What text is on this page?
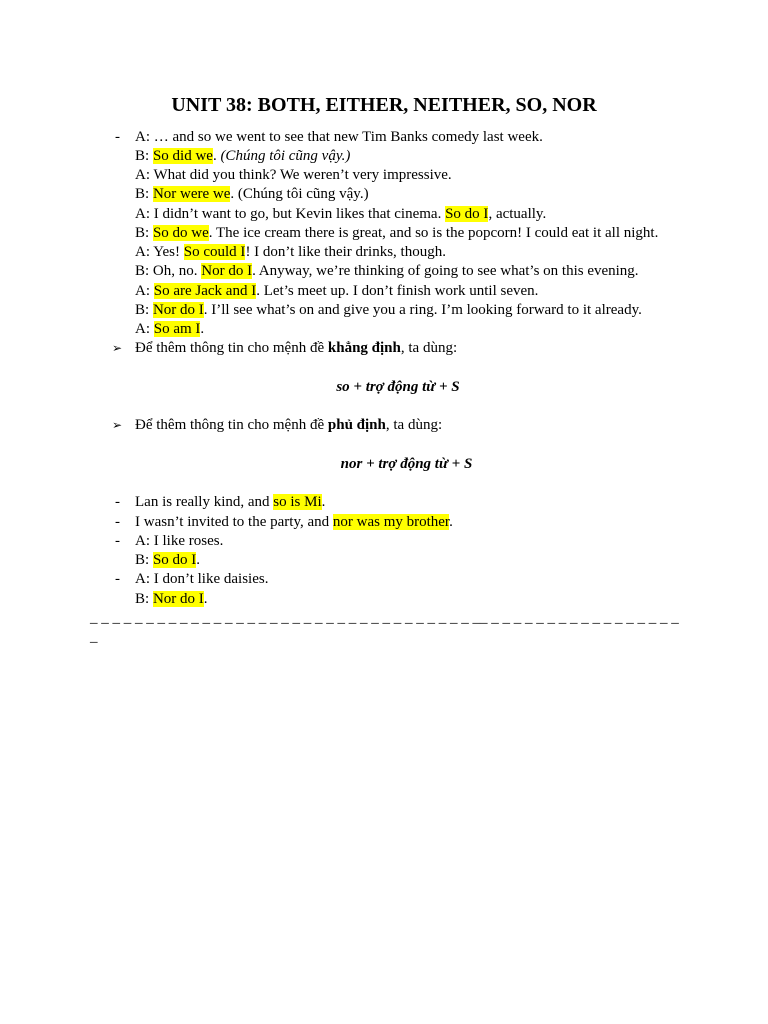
UNIT 38: BOTH, EITHER, NEITHER, SO, NOR
- A: … and so we went to see that new Tim Banks comedy last week.
B: So did we. (Chúng tôi cũng vậy.)
A: What did you think? We weren’t very impressive.
B: Nor were we. (Chúng tôi cũng vậy.)
A: I didn’t want to go, but Kevin likes that cinema. So do I, actually.
B: So do we. The ice cream there is great, and so is the popcorn! I could eat it all night.
A: Yes! So could I! I don’t like their drinks, though.
B: Oh, no. Nor do I. Anyway, we’re thinking of going to see what’s on this evening.
A: So are Jack and I. Let’s meet up. I don’t finish work until seven.
B: Nor do I. I’ll see what’s on and give you a ring. I’m looking forward to it already.
A: So am I.
➢ Để thêm thông tin cho mệnh đề khẳng định, ta dùng:
so + trợ động từ + S
➢ Để thêm thông tin cho mệnh đề phủ định, ta dùng:
nor + trợ động từ + S
- Lan is really kind, and so is Mi.
- I wasn’t invited to the party, and nor was my brother.
- A: I like roses.
B: So do I.
- A: I don’t like daisies.
B: Nor do I.
_ _ _ _ _ _ _ _ _ _ _ _ _ _ _ _ _ _ _ _ _ _ _ _ _ _ _ _ _ _ _ _ _ _ __ _ _ _ _ _ _ _ _ _ _ _ _ _ _ _ _ _
_
